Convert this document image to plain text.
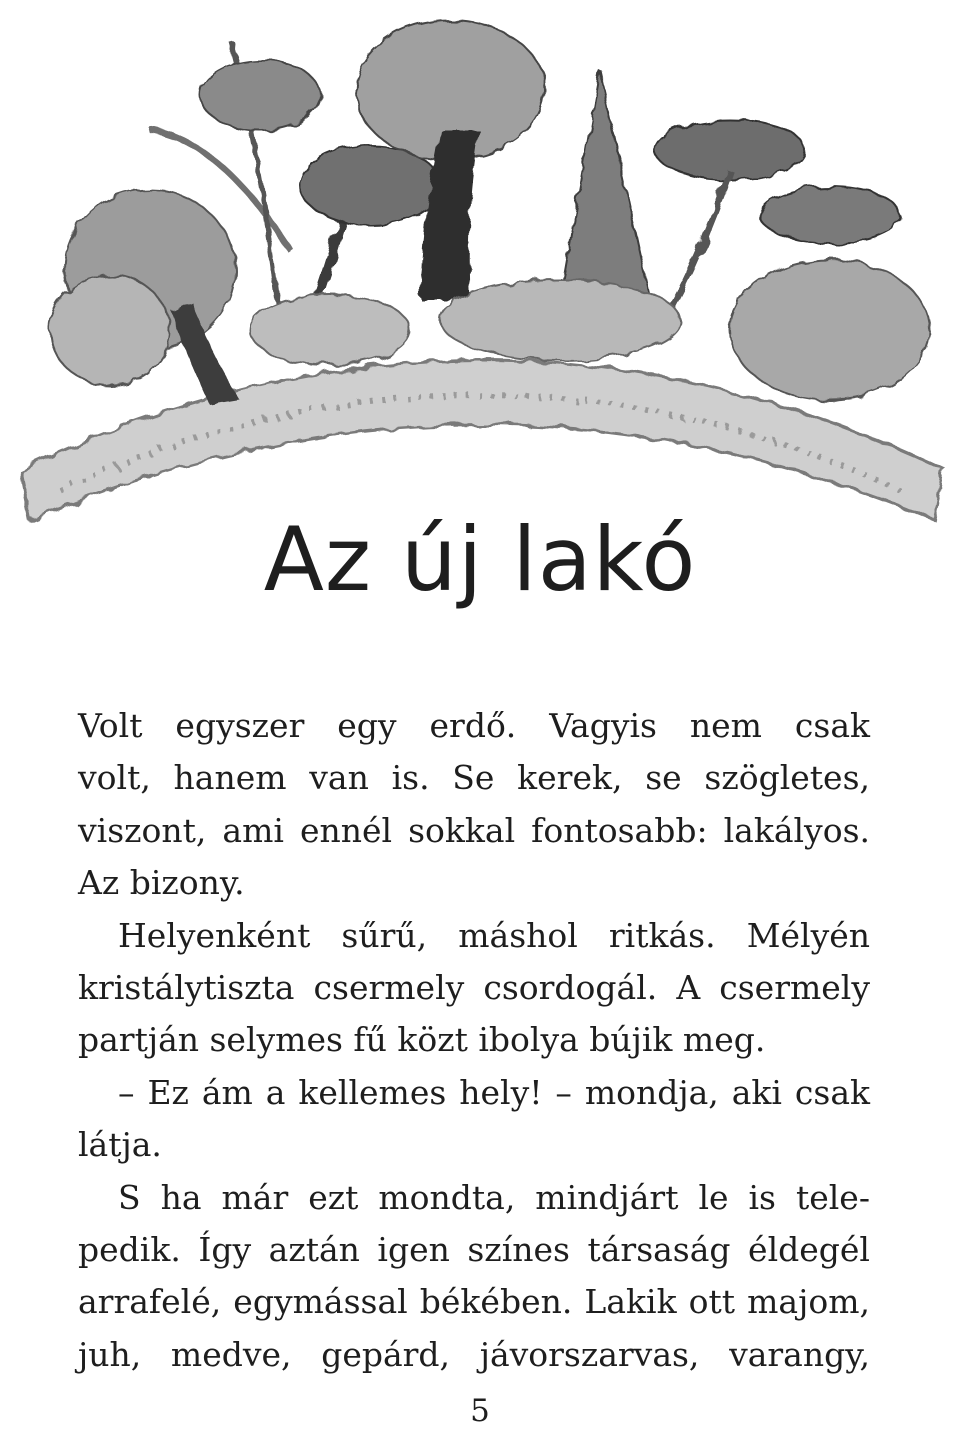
Az új lakó
Volt egyszer egy erdő. Vagyis nem csak
volt, hanem van is. Se kerek, se szögletes,
viszont, ami ennél sokkal fontosabb: lakályos.
Az bizony.
Helyenként sűrű, máshol ritkás. Mélyén
kristálytiszta csermely csordogál. A csermely
partján selymes fű közt ibolya bújik meg.
– Ez ám a kellemes hely! – mondja, aki csak
látja.
S ha már ezt mondta, mindjárt le is tele-
pedik. Így aztán igen színes társaság éldegél
arrafelé, egymással békében. Lakik ott majom,
juh, medve, gepárd, jávorszarvas, varangy,
5
